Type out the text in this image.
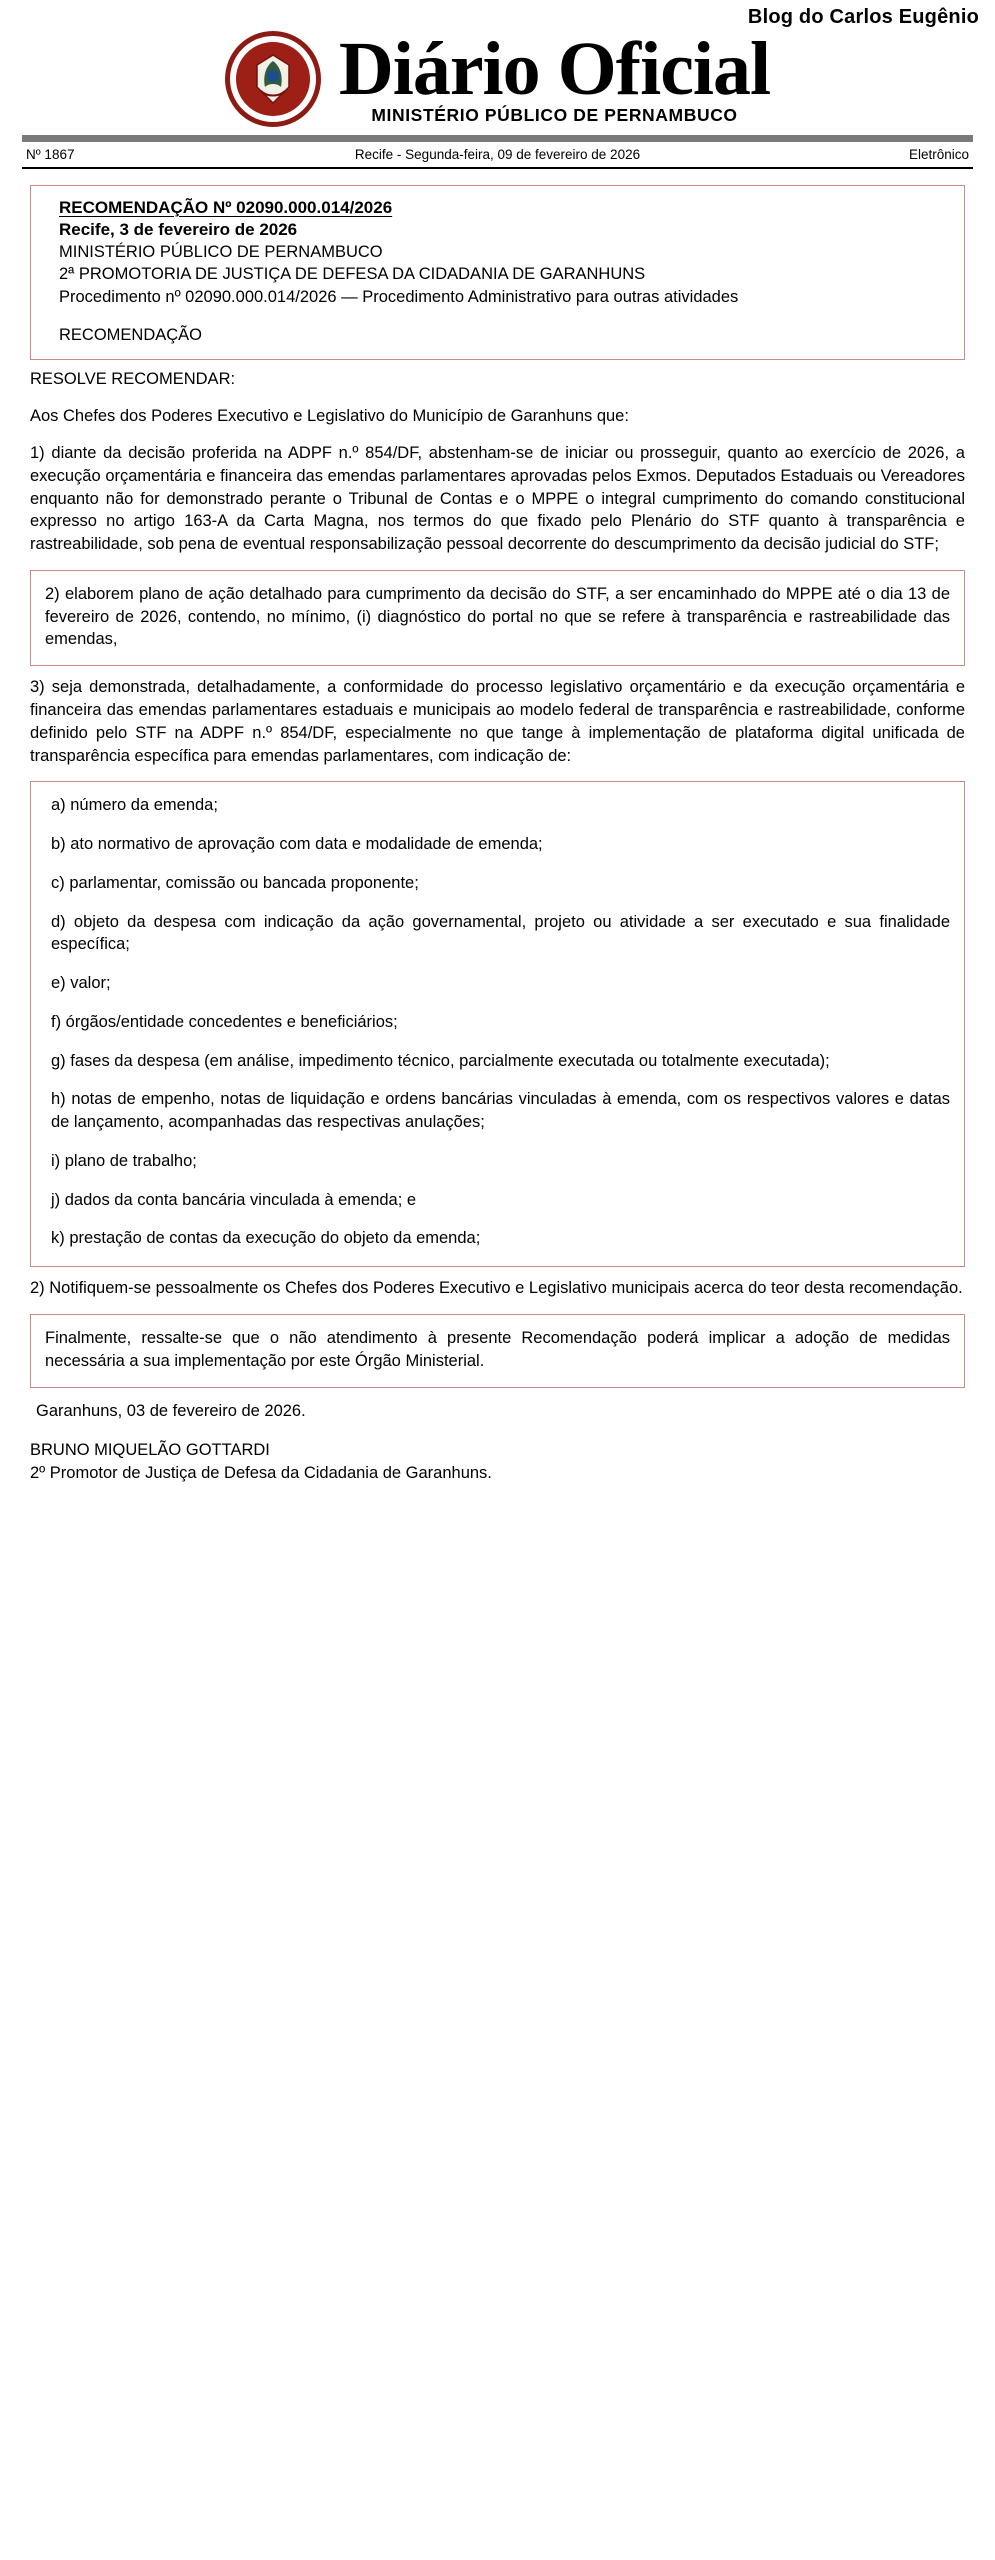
Blog do Carlos Eugênio
Diário Oficial
MINISTÉRIO PÚBLICO DE PERNAMBUCO
Nº 1867	Recife - Segunda-feira, 09 de fevereiro de 2026	Eletrônico
RECOMENDAÇÃO Nº 02090.000.014/2026
Recife, 3 de fevereiro de 2026
MINISTÉRIO PÚBLICO DE PERNAMBUCO
2ª PROMOTORIA DE JUSTIÇA DE DEFESA DA CIDADANIA DE GARANHUNS
Procedimento nº 02090.000.014/2026 — Procedimento Administrativo para outras atividades
RECOMENDAÇÃO

RESOLVE RECOMENDAR:

Aos Chefes dos Poderes Executivo e Legislativo do Município de Garanhuns que:

1) diante da decisão proferida na ADPF n.º 854/DF, abstenham-se de iniciar ou prosseguir, quanto ao exercício de 2026, a execução orçamentária e financeira das emendas parlamentares aprovadas pelos Exmos. Deputados Estaduais ou Vereadores enquanto não for demonstrado perante o Tribunal de Contas e o MPPE o integral cumprimento do comando constitucional expresso no artigo 163-A da Carta Magna, nos termos do que fixado pelo Plenário do STF quanto à transparência e rastreabilidade, sob pena de eventual responsabilização pessoal decorrente do descumprimento da decisão judicial do STF;

2) elaborem plano de ação detalhado para cumprimento da decisão do STF, a ser encaminhado do MPPE até o dia 13 de fevereiro de 2026, contendo, no mínimo, (i) diagnóstico do portal no que se refere à transparência e rastreabilidade das emendas,

3) seja demonstrada, detalhadamente, a conformidade do processo legislativo orçamentário e da execução orçamentária e financeira das emendas parlamentares estaduais e municipais ao modelo federal de transparência e rastreabilidade, conforme definido pelo STF na ADPF n.º 854/DF, especialmente no que tange à implementação de plataforma digital unificada de transparência específica para emendas parlamentares, com indicação de:

a) número da emenda;

b) ato normativo de aprovação com data e modalidade de emenda;

c) parlamentar, comissão ou bancada proponente;

d) objeto da despesa com indicação da ação governamental, projeto ou atividade a ser executado e sua finalidade específica;

e) valor;

f) órgãos/entidade concedentes e beneficiários;

g) fases da despesa (em análise, impedimento técnico, parcialmente executada ou totalmente executada);

h) notas de empenho, notas de liquidação e ordens bancárias vinculadas à emenda, com os respectivos valores e datas de lançamento, acompanhadas das respectivas anulações;

i) plano de trabalho;

j) dados da conta bancária vinculada à emenda; e

k) prestação de contas da execução do objeto da emenda;

2) Notifiquem-se pessoalmente os Chefes dos Poderes Executivo e Legislativo municipais acerca do teor desta recomendação.

Finalmente, ressalte-se que o não atendimento à presente Recomendação poderá implicar a adoção de medidas necessária a sua implementação por este Órgão Ministerial.

Garanhuns, 03 de fevereiro de 2026.

BRUNO MIQUELÃO GOTTARDI
2º Promotor de Justiça de Defesa da Cidadania de Garanhuns.
